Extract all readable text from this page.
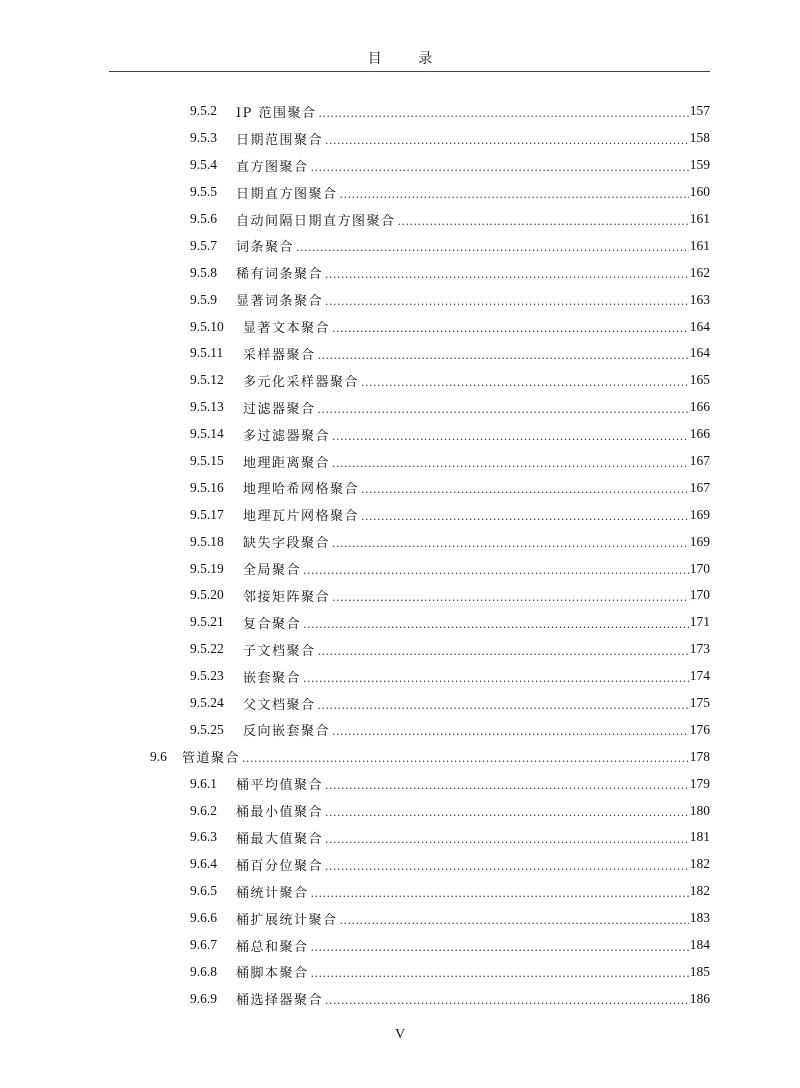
目 录
9.5.2	IP 范围聚合 .....	157
9.5.3	日期范围聚合 .....	158
9.5.4	直方图聚合 .....	159
9.5.5	日期直方图聚合 .....	160
9.5.6	自动间隔日期直方图聚合 .....	161
9.5.7	词条聚合 .....	161
9.5.8	稀有词条聚合 .....	162
9.5.9	显著词条聚合 .....	163
9.5.10	显著文本聚合 .....	164
9.5.11	采样器聚合 .....	164
9.5.12	多元化采样器聚合 .....	165
9.5.13	过滤器聚合 .....	166
9.5.14	多过滤器聚合 .....	166
9.5.15	地理距离聚合 .....	167
9.5.16	地理哈希网格聚合 .....	167
9.5.17	地理瓦片网格聚合 .....	169
9.5.18	缺失字段聚合 .....	169
9.5.19	全局聚合 .....	170
9.5.20	邻接矩阵聚合 .....	170
9.5.21	复合聚合 .....	171
9.5.22	子文档聚合 .....	173
9.5.23	嵌套聚合 .....	174
9.5.24	父文档聚合 .....	175
9.5.25	反向嵌套聚合 .....	176
9.6	管道聚合 .....	178
9.6.1	桶平均值聚合 .....	179
9.6.2	桶最小值聚合 .....	180
9.6.3	桶最大值聚合 .....	181
9.6.4	桶百分位聚合 .....	182
9.6.5	桶统计聚合 .....	182
9.6.6	桶扩展统计聚合 .....	183
9.6.7	桶总和聚合 .....	184
9.6.8	桶脚本聚合 .....	185
9.6.9	桶选择器聚合 .....	186
V
